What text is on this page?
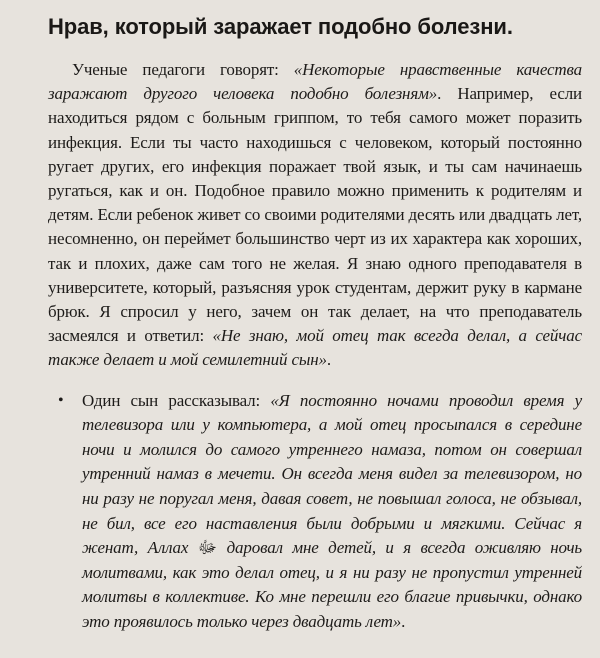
Нрав, который заражает подобно болезни.

Ученые педагоги говорят: «Некоторые нравственные качества заражают другого человека подобно болезням». Например, если находиться рядом с больным гриппом, то тебя самого может поразить инфекция. Если ты часто находишься с человеком, который постоянно ругает других, его инфекция поражает твой язык, и ты сам начинаешь ругаться, как и он. Подобное правило можно применить к родителям и детям. Если ребенок живет со своими родителями десять или двадцать лет, несомненно, он переймет большинство черт из их характера как хороших, так и плохих, даже сам того не желая. Я знаю одного преподавателя в университете, который, разъясняя урок студентам, держит руку в кармане брюк. Я спросил у него, зачем он так делает, на что преподаватель засмеялся и ответил: «Не знаю, мой отец так всегда делал, а сейчас также делает и мой семилетний сын».

•	Один сын рассказывал: «Я постоянно ночами проводил время у телевизора или у компьютера, а мой отец просыпался в середине ночи и молился до самого утреннего намаза, потом он совершал утренний намаз в мечети. Он всегда меня видел за телевизором, но ни разу не поругал меня, давая совет, не повышал голоса, не обзывал, не бил, все его наставления были добрыми и мягкими. Сейчас я женат, Аллах ﷻ даровал мне детей, и я всегда оживляю ночь молитвами, как это делал отец, и я ни разу не пропустил утренней молитвы в коллективе. Ко мне перешли его благие привычки, однако это проявилось только через двадцать лет».
